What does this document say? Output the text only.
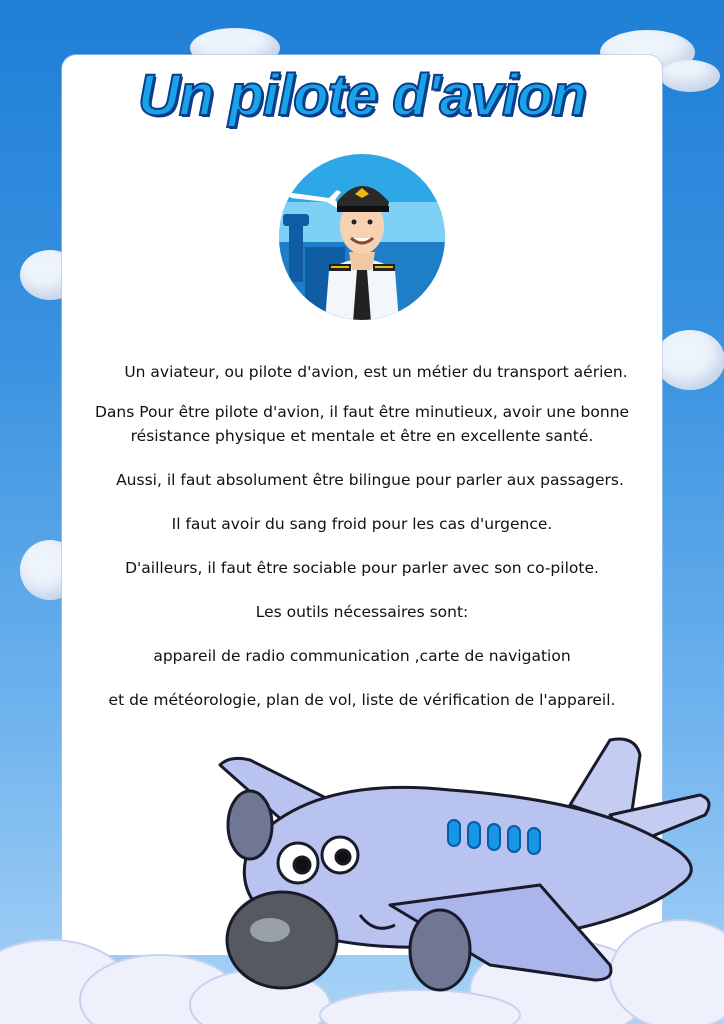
Un pilote d'avion
Un aviateur, ou pilote d'avion, est un métier du transport aérien.
Dans Pour être pilote d'avion, il faut être minutieux, avoir une bonne
résistance physique et mentale et être en excellente santé.
Aussi, il faut absolument être bilingue pour parler aux passagers.
Il faut avoir du sang froid pour les cas d'urgence.
D'ailleurs, il faut être sociable pour parler avec son co-pilote.
Les outils nécessaires sont:
appareil de radio communication ,carte de navigation
et de météorologie, plan de vol, liste de vérification de l'appareil.
